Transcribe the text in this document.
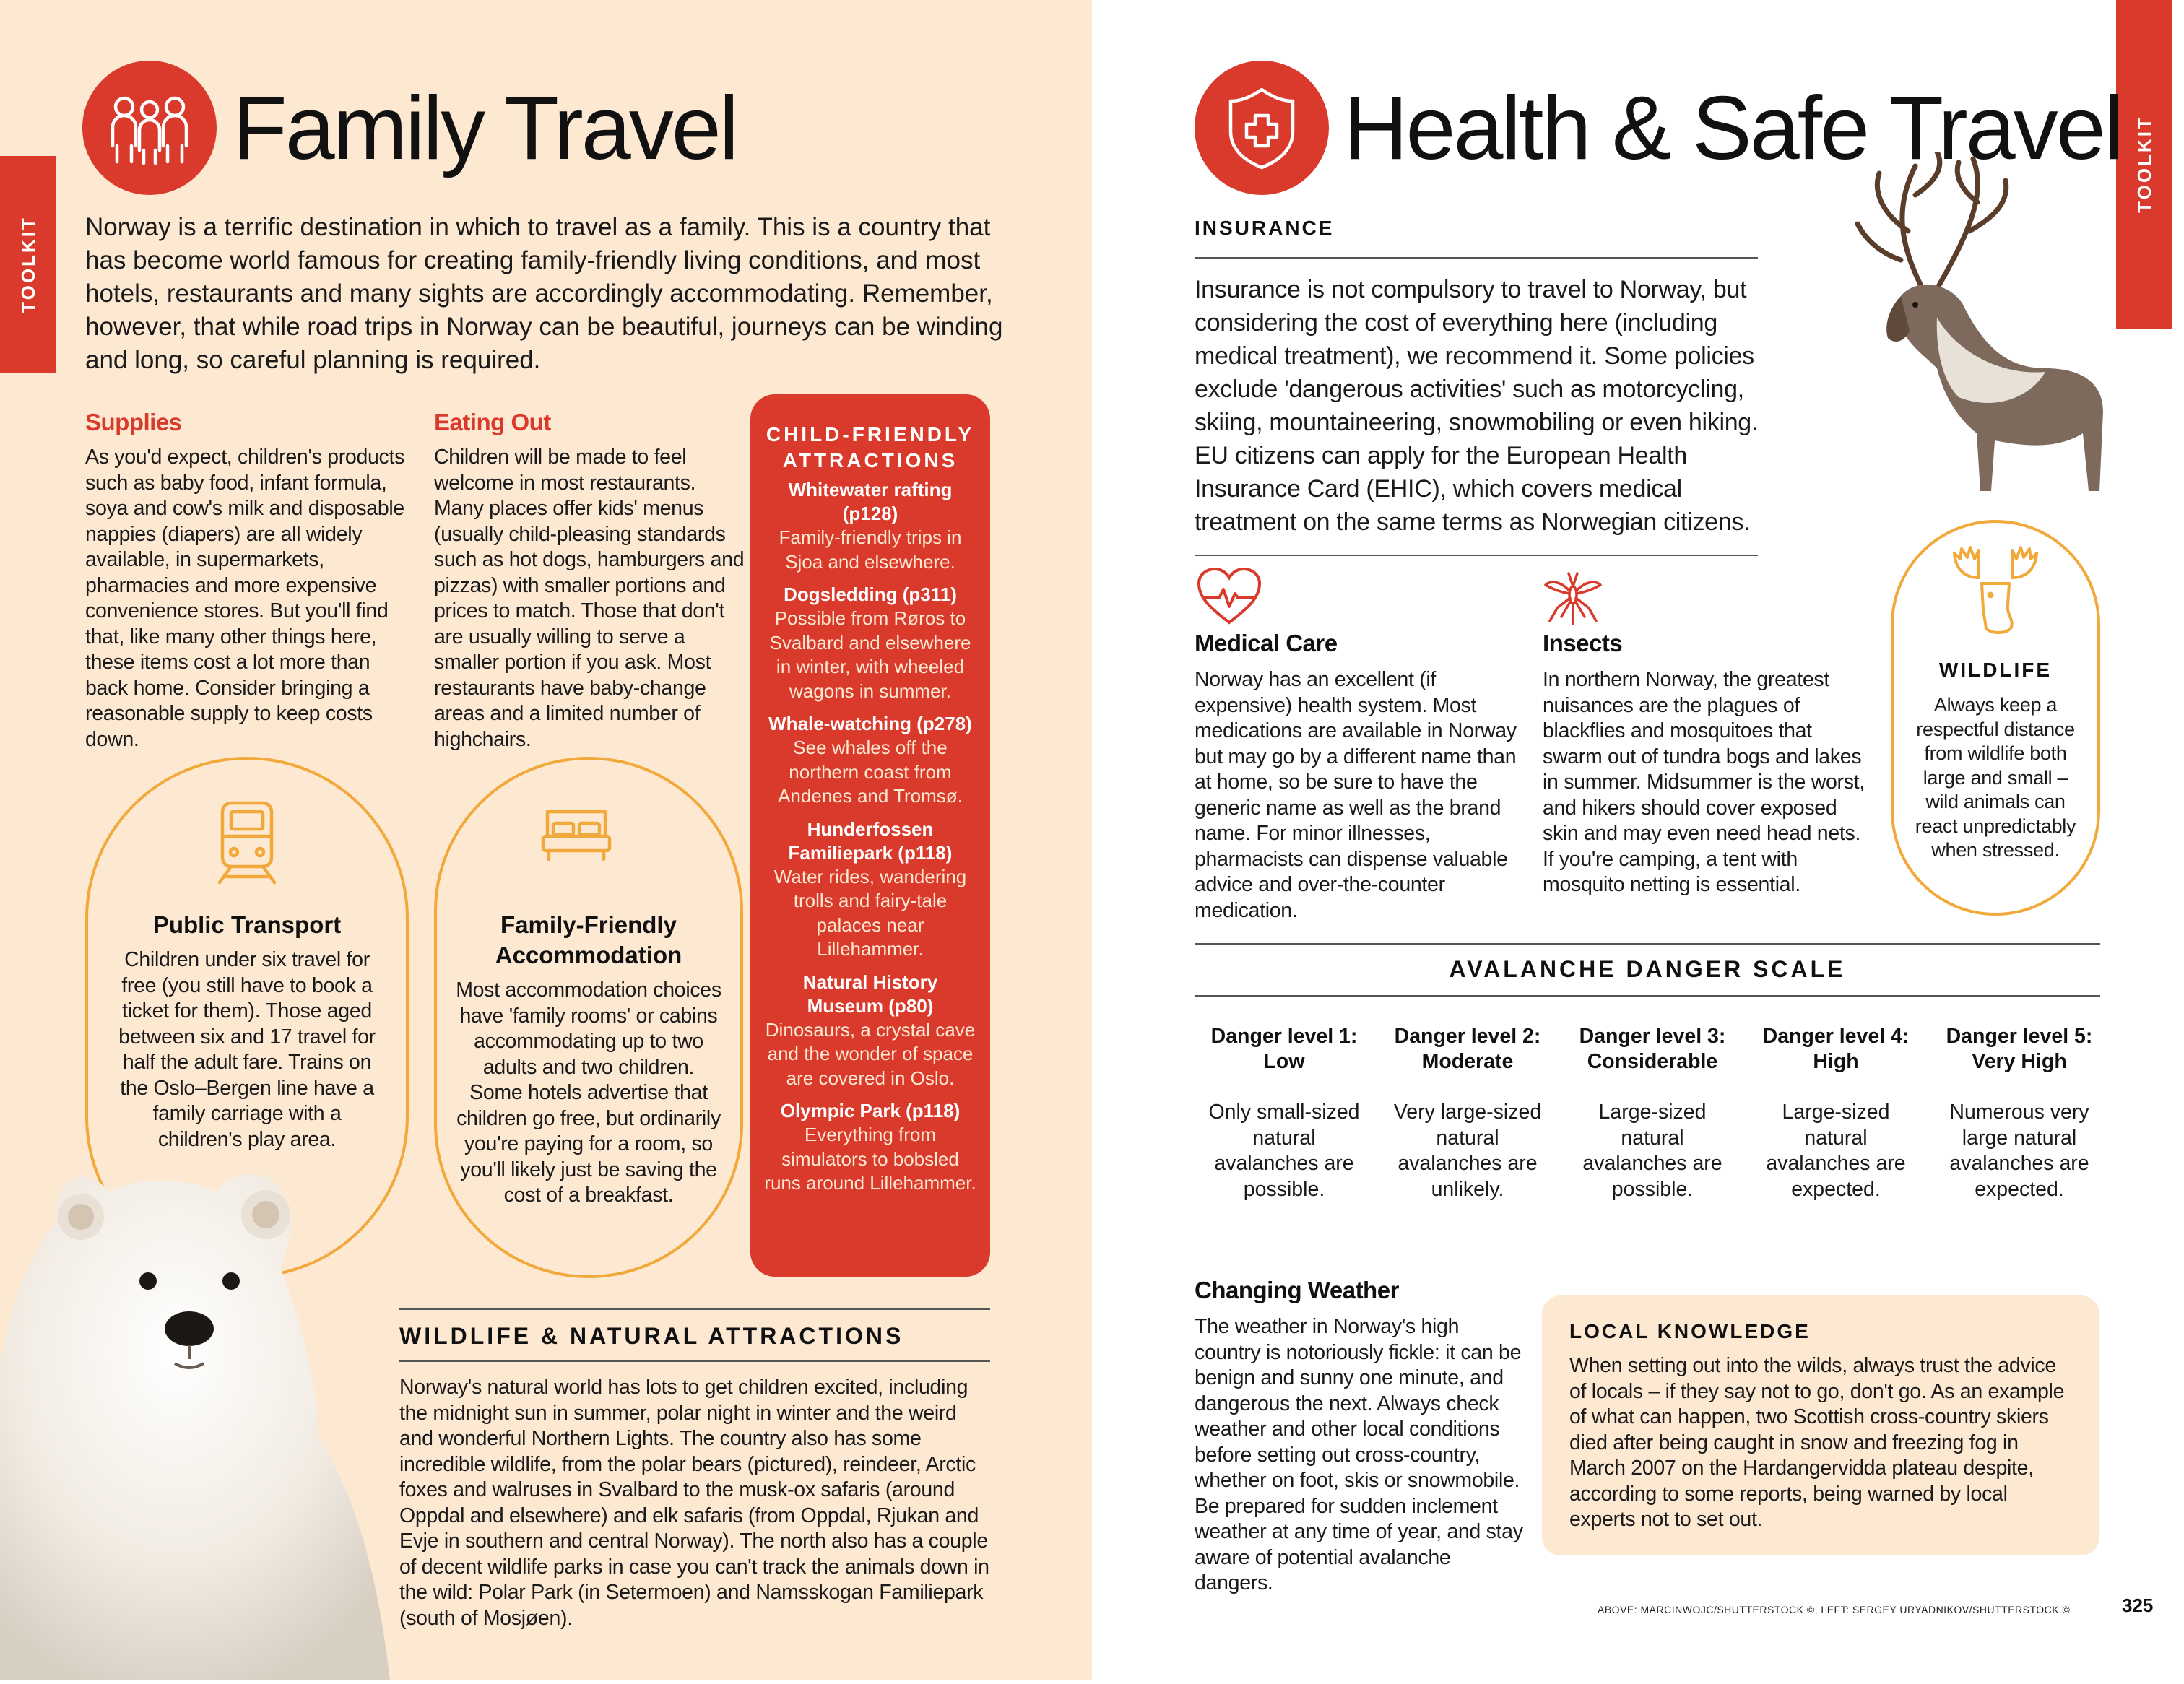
TOOLKIT
Family Travel
Norway is a terrific destination in which to travel as a family. This is a country that has become world famous for creating family-friendly living conditions, and most hotels, restaurants and many sights are accordingly accommodating. Remember, however, that while road trips in Norway can be beautiful, journeys can be winding and long, so careful planning is required.
Supplies
As you'd expect, children's products such as baby food, infant formula, soya and cow's milk and disposable nappies (diapers) are all widely available, in supermarkets, pharmacies and more expensive convenience stores. But you'll find that, like many other things here, these items cost a lot more than back home. Consider bringing a reasonable supply to keep costs down.
Eating Out
Children will be made to feel welcome in most restaurants. Many places offer kids' menus (usually child-pleasing standards such as hot dogs, hamburgers and pizzas) with smaller portions and prices to match. Those that don't are usually willing to serve a smaller portion if you ask. Most restaurants have baby-change areas and a limited number of highchairs.
Public Transport
Children under six travel for free (you still have to book a ticket for them). Those aged between six and 17 travel for half the adult fare. Trains on the Oslo–Bergen line have a family carriage with a children's play area.
Family-Friendly Accommodation
Most accommodation choices have 'family rooms' or cabins accommodating up to two adults and two children. Some hotels advertise that children go free, but ordinarily you're paying for a room, so you'll likely just be saving the cost of a breakfast.
CHILD-FRIENDLY ATTRACTIONS
Whitewater rafting (p128)
Family-friendly trips in Sjoa and elsewhere.
Dogsledding (p311)
Possible from Røros to Svalbard and elsewhere in winter, with wheeled wagons in summer.
Whale-watching (p278)
See whales off the northern coast from Andenes and Tromsø.
Hunderfossen Familiepark (p118)
Water rides, wandering trolls and fairy-tale palaces near Lillehammer.
Natural History Museum (p80)
Dinosaurs, a crystal cave and the wonder of space are covered in Oslo.
Olympic Park (p118)
Everything from simulators to bobsled runs around Lillehammer.
WILDLIFE & NATURAL ATTRACTIONS
Norway's natural world has lots to get children excited, including the midnight sun in summer, polar night in winter and the weird and wonderful Northern Lights. The country also has some incredible wildlife, from the polar bears (pictured), reindeer, Arctic foxes and walruses in Svalbard to the musk-ox safaris (around Oppdal and elsewhere) and elk safaris (from Oppdal, Rjukan and Evje in southern and central Norway). The north also has a couple of decent wildlife parks in case you can't track the animals down in the wild: Polar Park (in Setermoen) and Namsskogan Familiepark (south of Mosjøen).
TOOLKIT
Health & Safe Travel
INSURANCE
Insurance is not compulsory to travel to Norway, but considering the cost of everything here (including medical treatment), we recommend it. Some policies exclude 'dangerous activities' such as motorcycling, skiing, mountaineering, snowmobiling or even hiking. EU citizens can apply for the European Health Insurance Card (EHIC), which covers medical treatment on the same terms as Norwegian citizens.
Medical Care
Norway has an excellent (if expensive) health system. Most medications are available in Norway but may go by a different name than at home, so be sure to have the generic name as well as the brand name. For minor illnesses, pharmacists can dispense valuable advice and over-the-counter medication.
Insects
In northern Norway, the greatest nuisances are the plagues of blackflies and mosquitoes that swarm out of tundra bogs and lakes in summer. Midsummer is the worst, and hikers should cover exposed skin and may even need head nets. If you're camping, a tent with mosquito netting is essential.
WILDLIFE
Always keep a respectful distance from wildlife both large and small – wild animals can react unpredictably when stressed.
AVALANCHE DANGER SCALE
Danger level 1: Low
Only small-sized natural avalanches are possible.
Danger level 2: Moderate
Very large-sized natural avalanches are unlikely.
Danger level 3: Considerable
Large-sized natural avalanches are possible.
Danger level 4: High
Large-sized natural avalanches are expected.
Danger level 5: Very High
Numerous very large natural avalanches are expected.
Changing Weather
The weather in Norway's high country is notoriously fickle: it can be benign and sunny one minute, and dangerous the next. Always check weather and other local conditions before setting out cross-country, whether on foot, skis or snowmobile. Be prepared for sudden inclement weather at any time of year, and stay aware of potential avalanche dangers.
LOCAL KNOWLEDGE
When setting out into the wilds, always trust the advice of locals – if they say not to go, don't go. As an example of what can happen, two Scottish cross-country skiers died after being caught in snow and freezing fog in March 2007 on the Hardangervidda plateau despite, according to some reports, being warned by local experts not to set out.
ABOVE: MARCINWOJC/SHUTTERSTOCK ©, LEFT: SERGEY URYADNIKOV/SHUTTERSTOCK ©	325
